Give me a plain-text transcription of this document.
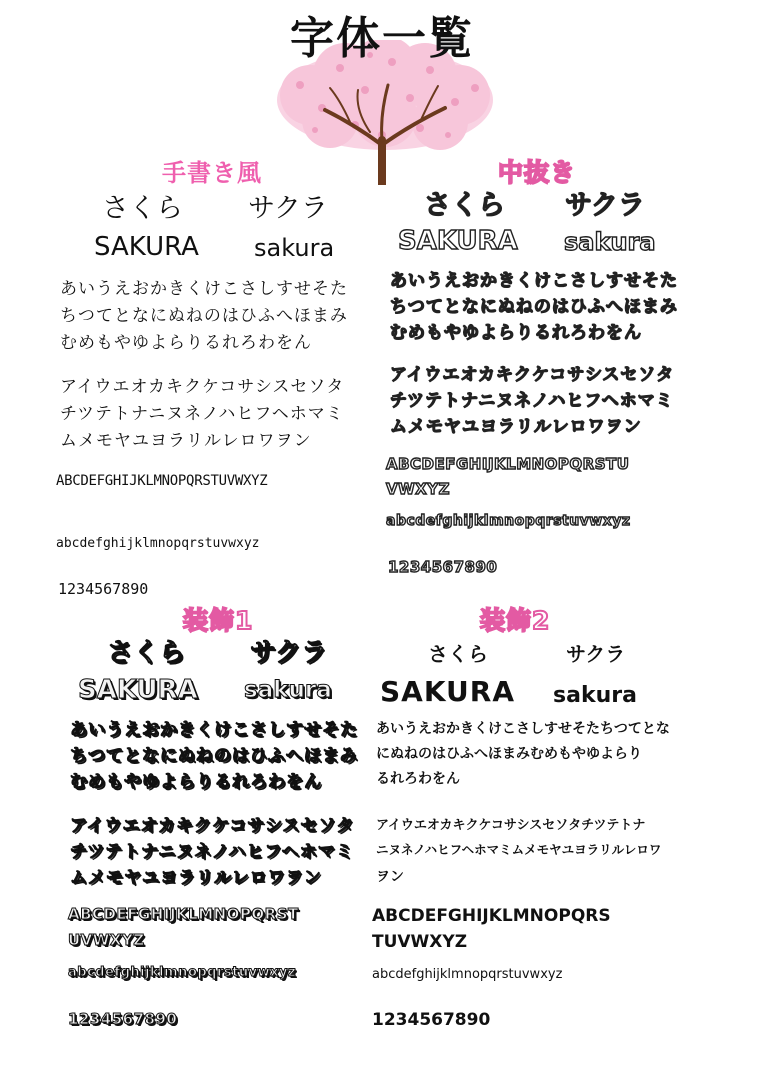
字体一覧
手書き風
さくら サクラ
SAKURA sakura
あいうえおかきくけこさしすせそた
ちつてとなにぬねのはひふへほまみ
むめもやゆよらりるれろわをん
アイウエオカキクケコサシスセソタ
チツテトナニヌネノハヒフヘホマミ
ムメモヤユヨラリルレロワヲン
ABCDEFGHIJKLMNOPQRSTUVWXYZ
abcdefghijklmnopqrstuvwxyz
1234567890
中抜き
さくら サクラ
SAKURA sakura
あいうえおかきくけこさしすせそた
ちつてとなにぬねのはひふへほまみ
むめもやゆよらりるれろわをん
アイウエオカキクケコサシスセソタ
チツテトナニヌネノハヒフヘホマミ
ムメモヤユヨラリルレロワヲン
ABCDEFGHIJKLMNOPQRSTU
VWXYZ
abcdefghijklmnopqrstuvwxyz
1234567890
装飾1
さくら サクラ
SAKURA sakura
あいうえおかきくけこさしすせそた
ちつてとなにぬねのはひふへほまみ
むめもやゆよらりるれろわをん
アイウエオカキクケコサシスセソタ
チツテトナニヌネノハヒフヘホマミ
ムメモヤユヨラリルレロワヲン
ABCDEFGHIJKLMNOPQRST
UVWXYZ
abcdefghijklmnopqrstuvwxyz
1234567890
装飾2
さくら	サクラ
SAKURA sakura
あいうえおかきくけこさしすせそたちつてとな
にぬねのはひふへほまみむめもやゆよらり
るれろわをん
アイウエオカキクケコサシスセソタチツテトナ
ニヌネノハヒフヘホマミムメモヤユヨラリルレロワ
ヲン
ABCDEFGHIJKLMNOPQRS
TUVWXYZ
abcdefghijklmnopqrstuvwxyz
1234567890
